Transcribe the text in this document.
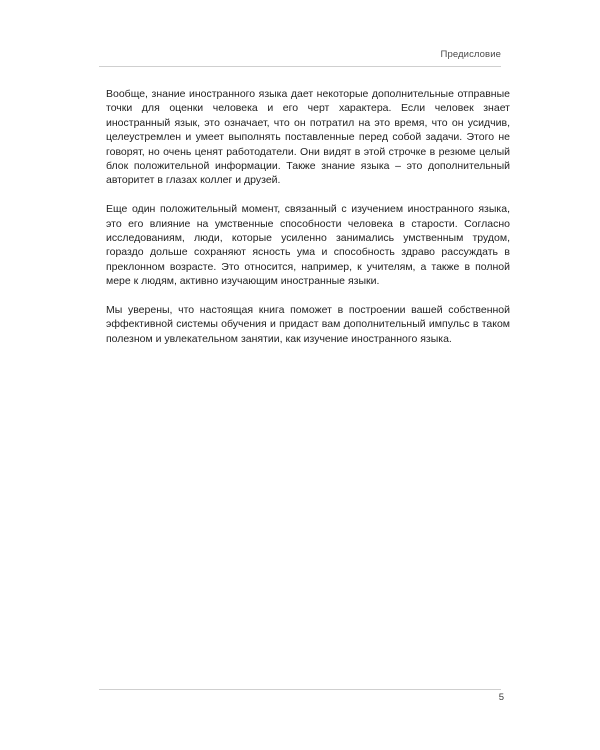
Предисловие

Вообще, знание иностранного языка дает некоторые дополнительные отправные точки для оценки человека и его черт характера. Если человек знает иностранный язык, это означает, что он потратил на это время, что он усидчив, целеустремлен и умеет выполнять поставленные перед собой задачи. Этого не говорят, но очень ценят работодатели. Они видят в этой строчке в резюме целый блок положительной информации. Также знание языка – это дополнительный авторитет в глазах коллег и друзей.

Еще один положительный момент, связанный с изучением иностранного языка, это его влияние на умственные способности человека в старости. Согласно исследованиям, люди, которые усиленно занимались умственным трудом, гораздо дольше сохраняют ясность ума и способность здраво рассуждать в преклонном возрасте. Это относится, например, к учителям, а также в полной мере к людям, активно изучающим иностранные языки.

Мы уверены, что настоящая книга поможет в построении вашей собственной эффективной системы обучения и придаст вам дополнительный импульс в таком полезном и увлекательном занятии, как изучение иностранного языка.

5
